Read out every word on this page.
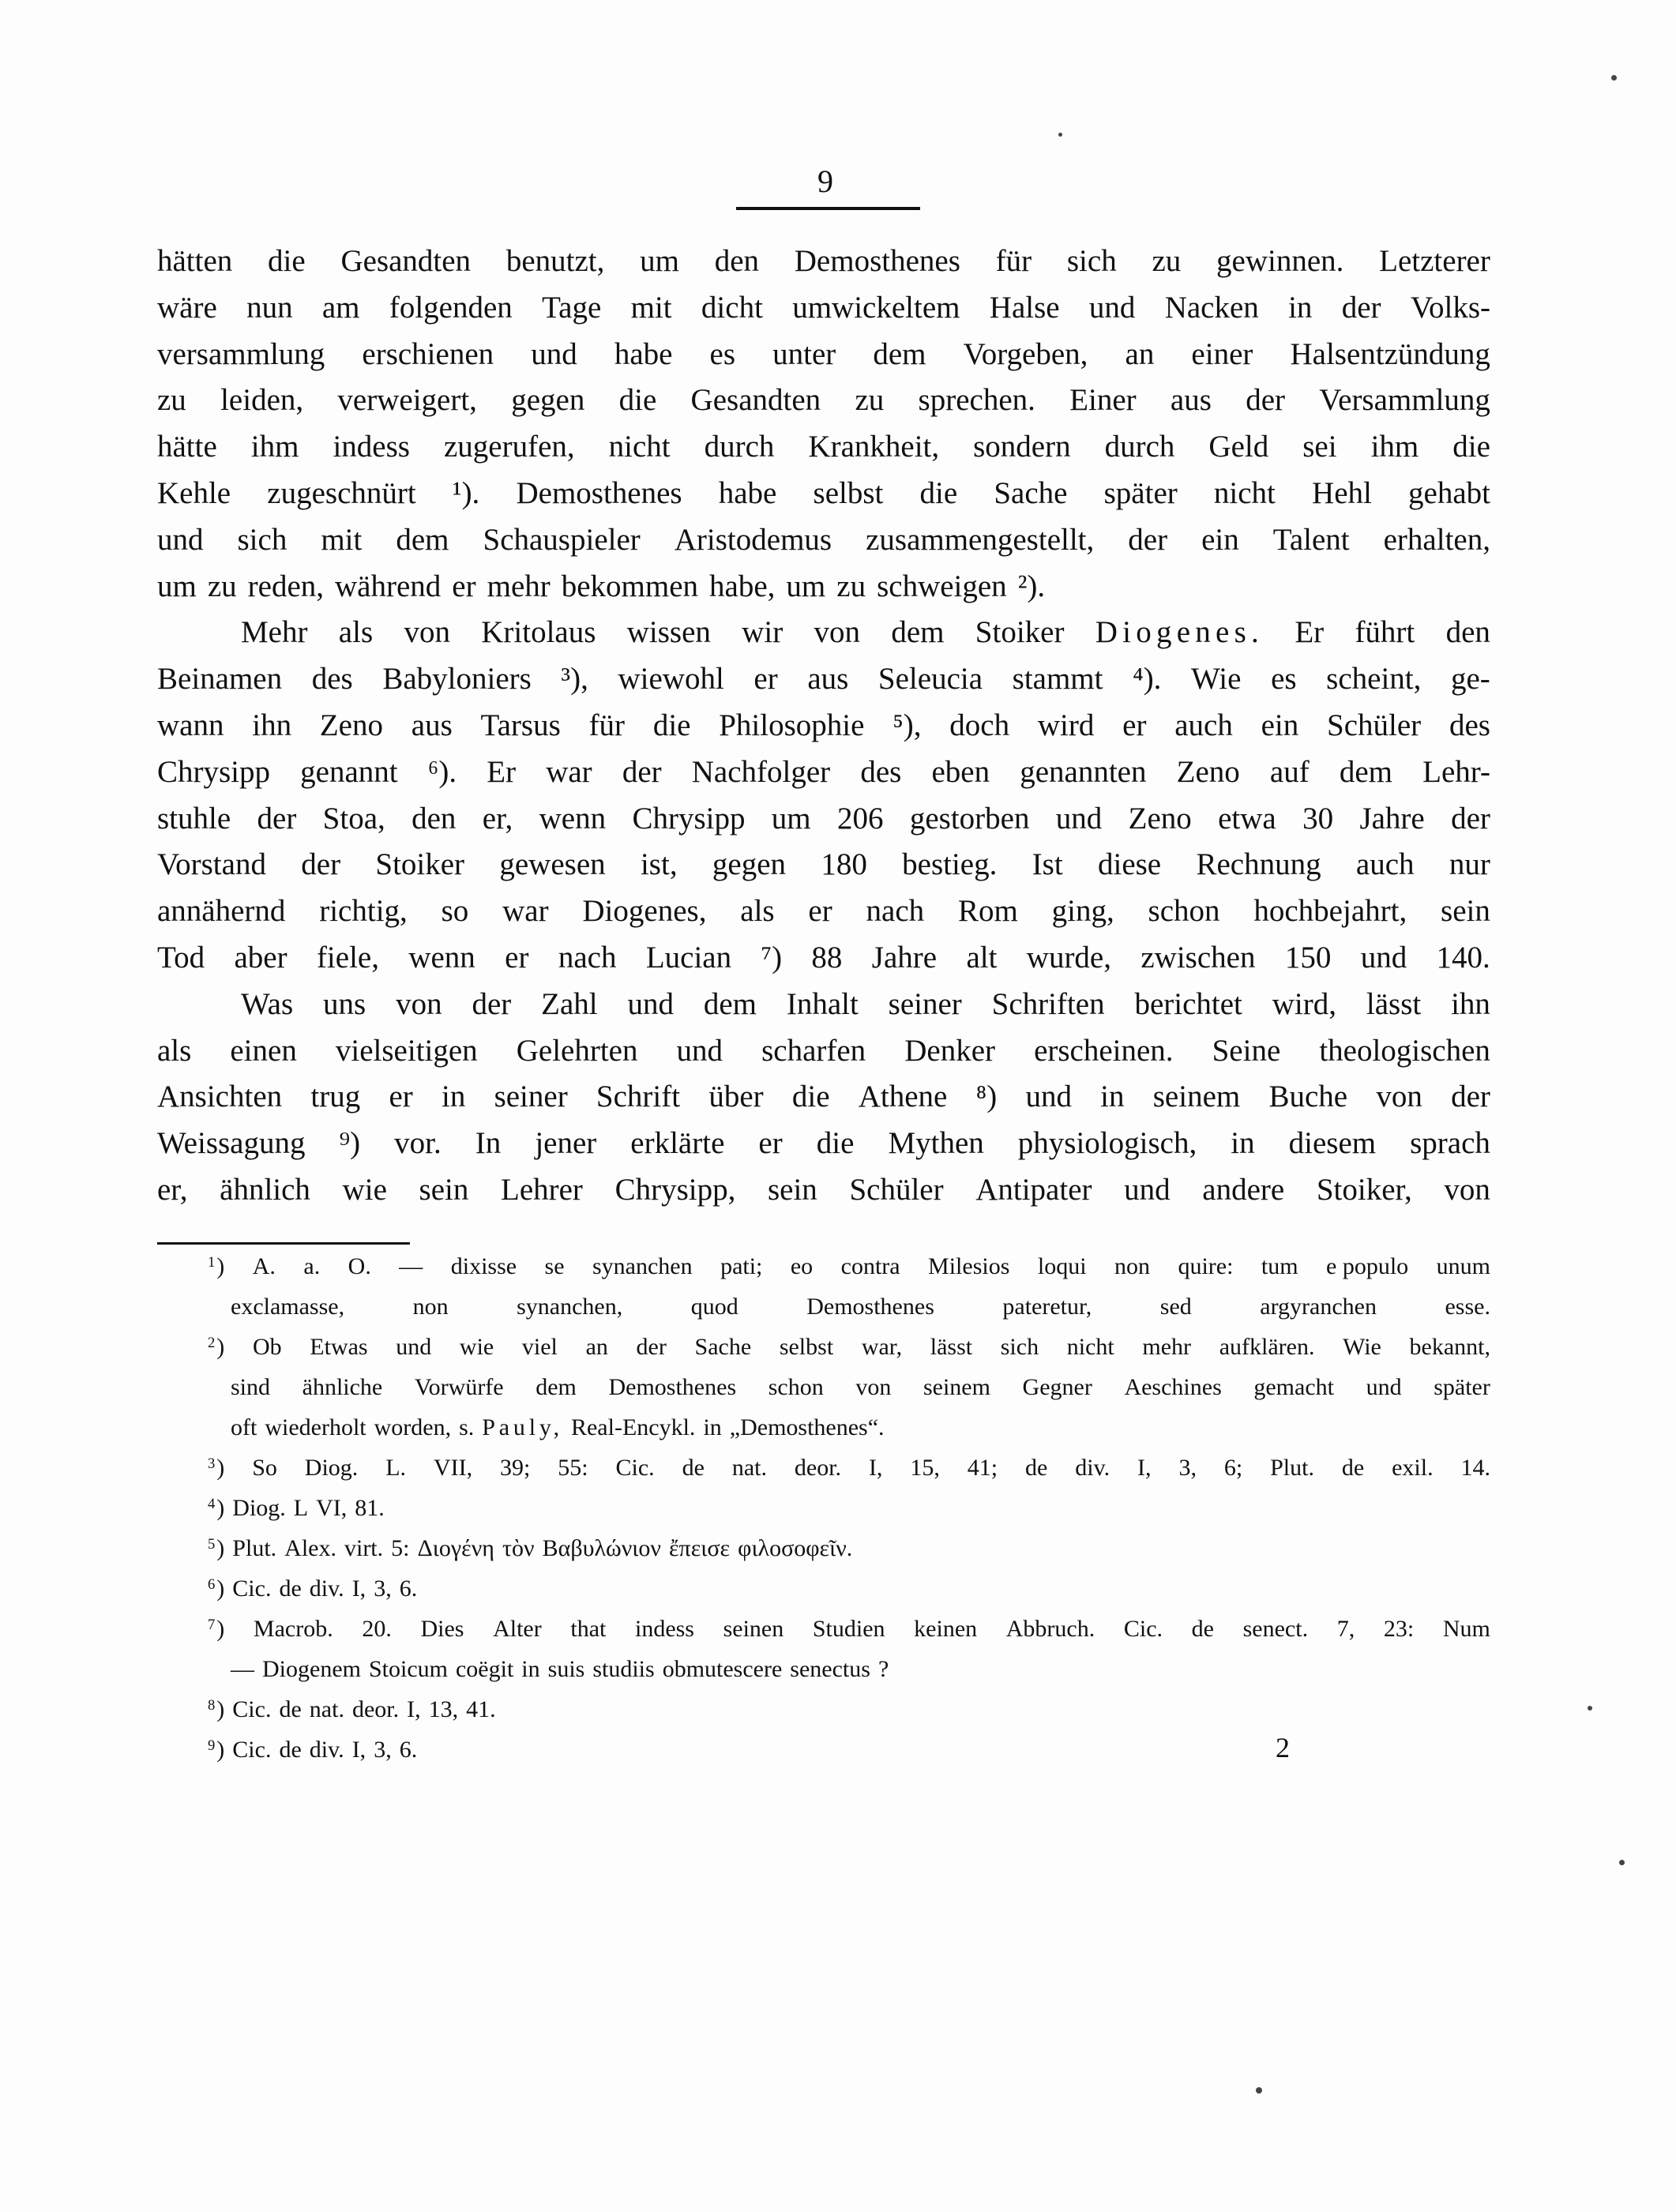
9
hätten die Gesandten benutzt, um den Demosthenes für sich zu gewinnen. Letzterer
wäre nun am folgenden Tage mit dicht umwickeltem Halse und Nacken in der Volks-
versammlung erschienen und habe es unter dem Vorgeben, an einer Halsentzündung
zu leiden, verweigert, gegen die Gesandten zu sprechen. Einer aus der Versammlung
hätte ihm indess zugerufen, nicht durch Krankheit, sondern durch Geld sei ihm die
Kehle zugeschnürt ¹). Demosthenes habe selbst die Sache später nicht Hehl gehabt
und sich mit dem Schauspieler Aristodemus zusammengestellt, der ein Talent erhalten,
um zu reden, während er mehr bekommen habe, um zu schweigen ²).
Mehr als von Kritolaus wissen wir von dem Stoiker Diogenes. Er führt den
Beinamen des Babyloniers ³), wiewohl er aus Seleucia stammt ⁴). Wie es scheint, ge-
wann ihn Zeno aus Tarsus für die Philosophie ⁵), doch wird er auch ein Schüler des
Chrysipp genannt ⁶). Er war der Nachfolger des eben genannten Zeno auf dem Lehr-
stuhle der Stoa, den er, wenn Chrysipp um 206 gestorben und Zeno etwa 30 Jahre der
Vorstand der Stoiker gewesen ist, gegen 180 bestieg. Ist diese Rechnung auch nur
annähernd richtig, so war Diogenes, als er nach Rom ging, schon hochbejahrt, sein
Tod aber fiele, wenn er nach Lucian ⁷) 88 Jahre alt wurde, zwischen 150 und 140.
Was uns von der Zahl und dem Inhalt seiner Schriften berichtet wird, lässt ihn
als einen vielseitigen Gelehrten und scharfen Denker erscheinen. Seine theologischen
Ansichten trug er in seiner Schrift über die Athene ⁸) und in seinem Buche von der
Weissagung ⁹) vor. In jener erklärte er die Mythen physiologisch, in diesem sprach
er, ähnlich wie sein Lehrer Chrysipp, sein Schüler Antipater und andere Stoiker, von
$^1$) A. a. O. — dixisse se synanchen pati; eo contra Milesios loqui non quire: tum e populo unum
exclamasse,	non	synanchen,	quod	Demosthenes	pateretur,	sed	argyranchen	esse.
$^2$) Ob Etwas und wie viel an der Sache selbst war, lässt sich nicht mehr aufklären. Wie bekannt,
sind ähnliche Vorwürfe dem Demosthenes schon von seinem Gegner Aeschines gemacht und später
oft wiederholt worden, s. Pauly, Real-Encykl. in „Demosthenes“.
$^3$) So Diog. L. VII, 39; 55: Cic. de nat. deor. I, 15, 41; de div. I, 3, 6; Plut. de exil. 14.
$^4$) Diog. L VI, 81.
$^5$) Plut. Alex. virt. 5: Διογένη τὸν Βαβυλώνιον ἔπεισε φιλοσοφεῖν.
$^6$) Cic. de div. I, 3, 6.
$^7$) Macrob. 20. Dies Alter that indess seinen Studien keinen Abbruch. Cic. de senect. 7, 23: Num
— Diogenem Stoicum coëgit in suis studiis obmutescere senectus ?
$^8$) Cic. de nat. deor. I, 13, 41.
$^9$) Cic. de div. I, 3, 6.	2
